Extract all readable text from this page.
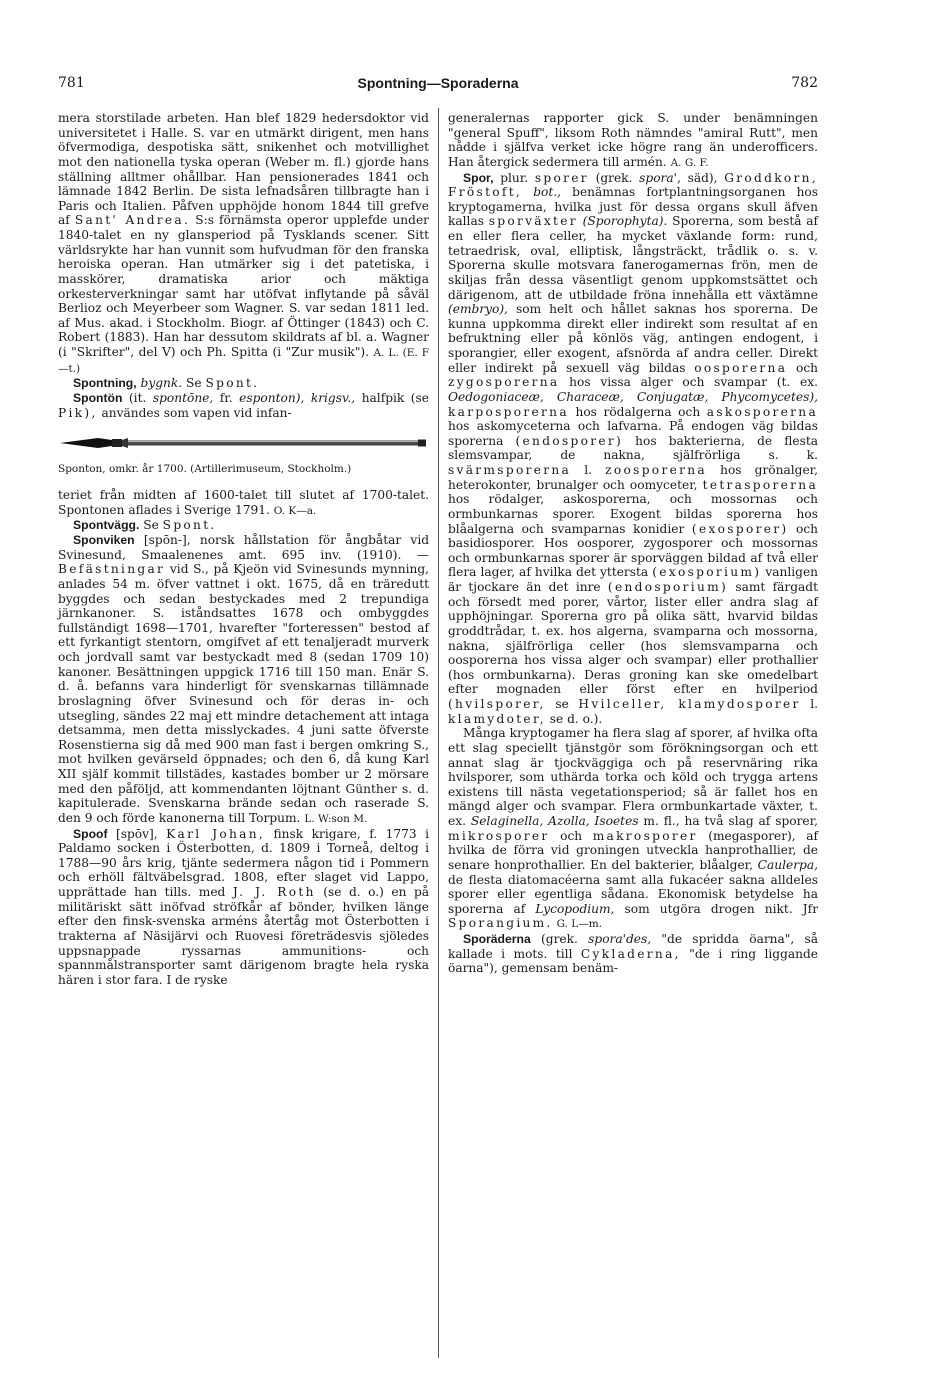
781	Spontning—Sporaderna	782

mera storstilade arbeten. Han blef 1829 hedersdoktor vid universitetet i Halle. S. var en utmärkt dirigent, men hans öfvermodiga, despotiska sätt, snikenhet och motvillighet mot den nationella tyska operan (Weber m. fl.) gjorde hans ställning alltmer ohållbar. Han pensionerades 1841 och lämnade 1842 Berlin. De sista lefnadsåren tillbragte han i Paris och Italien. Påfven upphöjde honom 1844 till grefve af Sant' Andrea. S:s förnämsta operor upplefde under 1840-talet en ny glansperiod på Tysklands scener. Sitt världsrykte har han vunnit som hufvudman för den franska heroiska operan. Han utmärker sig i det patetiska, i masskörer, dramatiska arior och mäktiga orkesterverkningar samt har utöfvat inflytande på såväl Berlioz och Meyerbeer som Wagner. S. var sedan 1811 led. af Mus. akad. i Stockholm. Biogr. af Öttinger (1843) och C. Robert (1883). Han har dessutom skildrats af bl. a. Wagner (i "Skrifter", del V) och Ph. Spitta (i "Zur musik"). A. L. (E. F—t.)

Spontning, bygnk. Se Spont.

Spontön (it. spontōne, fr. esponton), krigsv., halfpik (se Pik), användes som vapen vid infan-

Sponton, omkr. år 1700. (Artillerimuseum, Stockholm.)

teriet från midten af 1600-talet till slutet af 1700-talet. Spontonen aflades i Sverige 1791. O. K—a.

Spontvägg. Se Spont.

Sponviken [spōn-], norsk hållstation för ångbåtar vid Svinesund, Smaalenenes amt. 695 inv. (1910). — Befästningar vid S., på Kjeön vid Svinesunds mynning, anlades 54 m. öfver vattnet i okt. 1675, då en träredutt byggdes och sedan bestyckades med 2 trepundiga järnkanoner. S. iståndsattes 1678 och ombyggdes fullständigt 1698—1701, hvarefter "forteressen" bestod af ett fyrkantigt stentorn, omgifvet af ett tenaljeradt murverk och jordvall samt var bestyckadt med 8 (sedan 1709 10) kanoner. Besättningen uppgick 1716 till 150 man. Enär S. d. å. befanns vara hinderligt för svenskarnas tillämnade broslagning öfver Svinesund och för deras in- och utsegling, sändes 22 maj ett mindre detachement att intaga detsamma, men detta misslyckades. 4 juni satte öfverste Rosenstierna sig då med 900 man fast i bergen omkring S., mot hvilken gevärseld öppnades; och den 6, då kung Karl XII själf kommit tillstädes, kastades bomber ur 2 mörsare med den påföljd, att kommendanten löjtnant Günther s. d. kapitulerade. Svenskarna brände sedan och raserade S. den 9 och förde kanonerna till Torpum. L. W:son M.

Spoof [spōv], Karl Johan, finsk krigare, f. 1773 i Paldamo socken i Österbotten, d. 1809 i Torneå, deltog i 1788—90 års krig, tjänte sedermera någon tid i Pommern och erhöll fältväbelsgrad. 1808, efter slaget vid Lappo, upprättade han tills. med J. J. Roth (se d. o.) en på militäriskt sätt inöfvad ströfkår af bönder, hvilken länge efter den finsk-svenska arméns återtåg mot Österbotten i trakterna af Näsijärvi och Ruovesi företrädesvis sjöledes uppsnappade ryssarnas ammunitions- och spannmålstransporter samt därigenom bragte hela ryska hären i stor fara. I de ryske

generalernas rapporter gick S. under benämningen "general Spuff", liksom Roth nämndes "amiral Rutt", men nådde i själfva verket icke högre rang än underofficers. Han återgick sedermera till armén. A. G. F.

Spor, plur. sporer (grek. spora', säd), Groddkorn, Fröstoft, bot., benämnas fortplantningsorganen hos kryptogamerna, hvilka just för dessa organs skull äfven kallas sporväxter (Sporophyta). Sporerna, som bestå af en eller flera celler, ha mycket växlande form: rund, tetraedrisk, oval, elliptisk, långsträckt, trådlik o. s. v. Sporerna skulle motsvara fanerogamernas frön, men de skiljas från dessa väsentligt genom uppkomstsättet och därigenom, att de utbildade fröna innehålla ett växtämne (embryo), som helt och hållet saknas hos sporerna. De kunna uppkomma direkt eller indirekt som resultat af en befruktning eller på könlös väg, antingen endogent, i sporangier, eller exogent, afsnörda af andra celler. Direkt eller indirekt på sexuell väg bildas oosporerna och zygosporerna hos vissa alger och svampar (t. ex. Oedogoniaceæ, Characeæ, Conjugatæ, Phycomycetes), karposporerna hos rödalgerna och askosporerna hos askomyceterna och lafvarna. På endogen väg bildas sporerna (endosporer) hos bakterierna, de flesta slemsvampar, de nakna, själfrörliga s. k. svärmsporerna l. zoosporerna hos grönalger, heterokonter, brunalger och oomyceter, tetrasporerna hos rödalger, askosporerna, och mossornas och ormbunkarnas sporer. Exogent bildas sporerna hos blåalgerna och svamparnas konidier (exosporer) och basidiosporer. Hos oosporer, zygosporer och mossornas och ormbunkarnas sporer är sporväggen bildad af två eller flera lager, af hvilka det yttersta (exosporium) vanligen är tjockare än det inre (endosporium) samt färgadt och försedt med porer, vårtor, lister eller andra slag af upphöjningar. Sporerna gro på olika sätt, hvarvid bildas groddtrådar, t. ex. hos algerna, svamparna och mossorna, nakna, själfrörliga celler (hos slemsvamparna och oosporerna hos vissa alger och svampar) eller prothallier (hos ormbunkarna). Deras groning kan ske omedelbart efter mognaden eller först efter en hvilperiod (hvilsporer, se Hvilceller, klamydosporer l. klamydoter, se d. o.).

Många kryptogamer ha flera slag af sporer, af hvilka ofta ett slag speciellt tjänstgör som förökningsorgan och ett annat slag är tjockväggiga och på reservnäring rika hvilsporer, som uthärda torka och köld och trygga artens existens till nästa vegetationsperiod; så är fallet hos en mängd alger och svampar. Flera ormbunkartade växter, t. ex. Selaginella, Azolla, Isoetes m. fl., ha två slag af sporer, mikrosporer och makrosporer (megasporer), af hvilka de förra vid groningen utveckla hanprothallier, de senare honprothallier. En del bakterier, blåalger, Caulerpa, de flesta diatomacéerna samt alla fukacéer sakna alldeles sporer eller egentliga sådana. Ekonomisk betydelse ha sporerna af Lycopodium, som utgöra drogen nikt. Jfr Sporangium. G. L—m.

Sporäderna (grek. spora'des, "de spridda öarna", så kallade i mots. till Cykladerna, "de i ring liggande öarna"), gemensam benäm-
